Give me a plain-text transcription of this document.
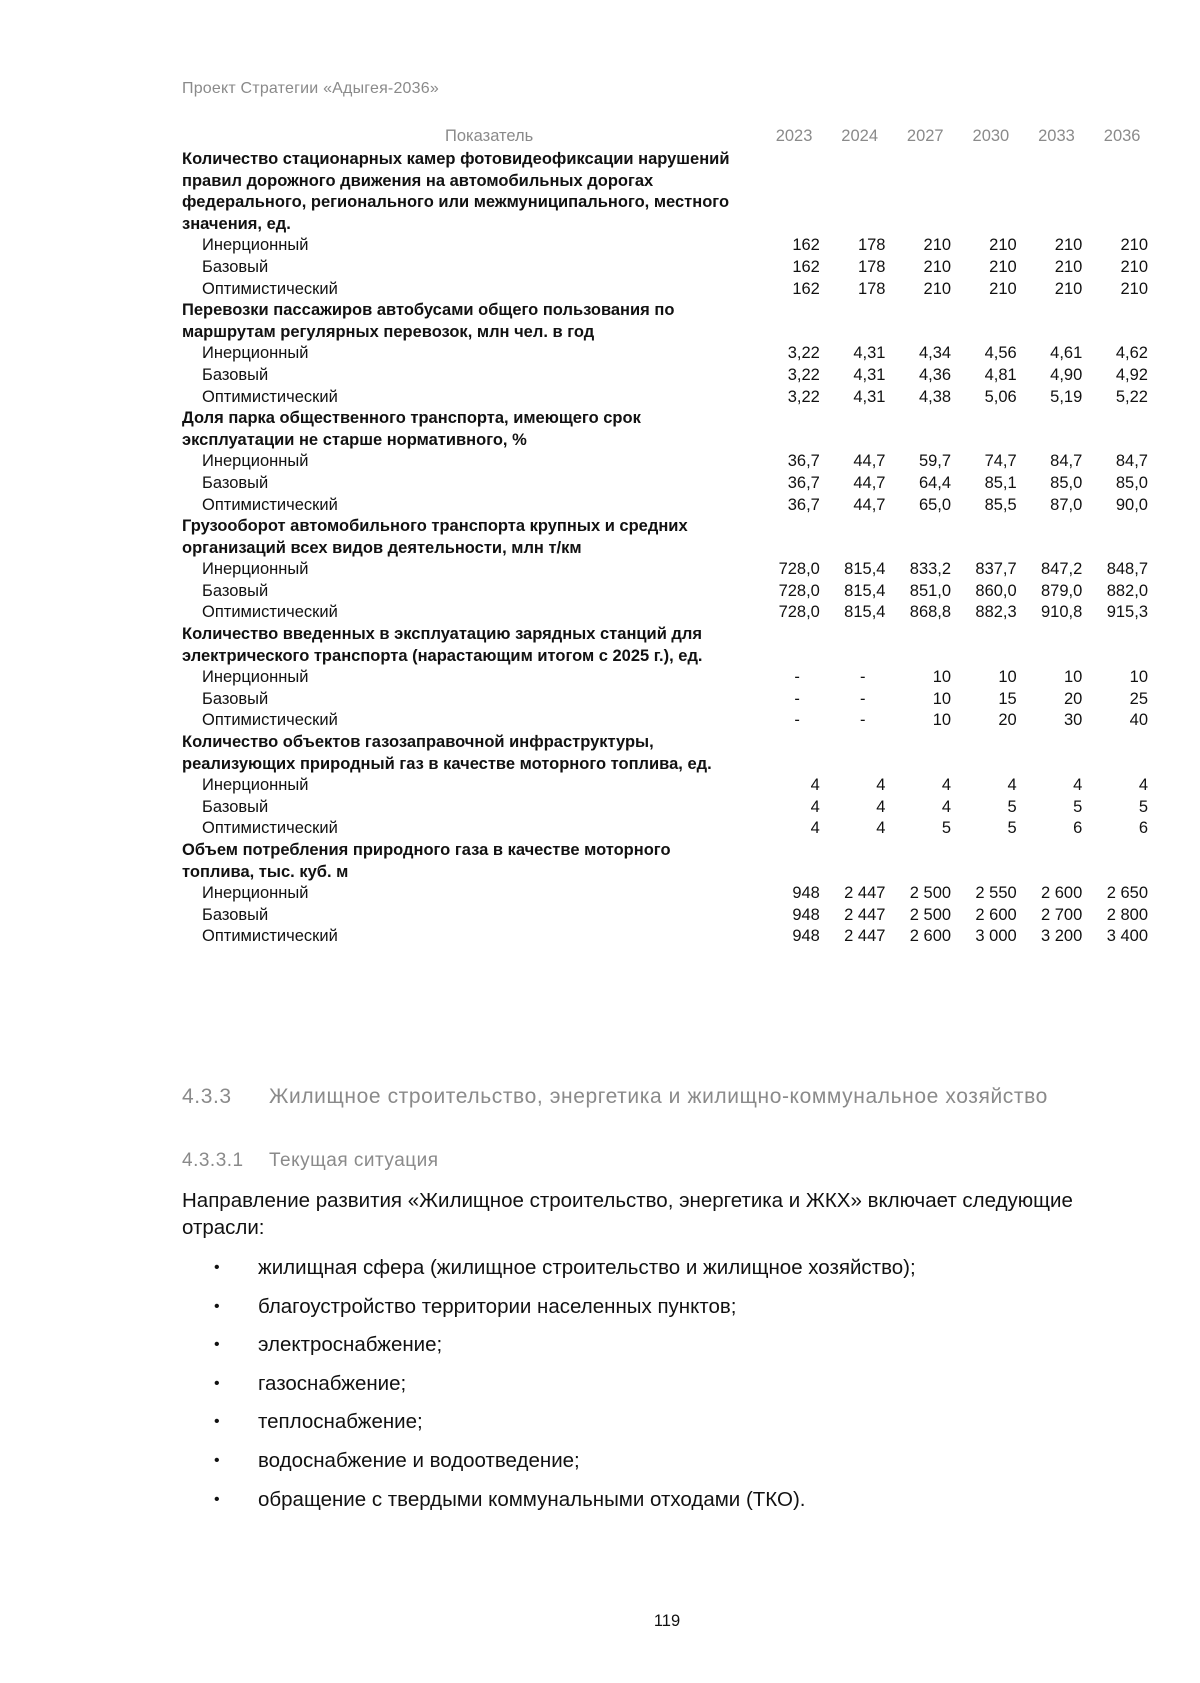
Проект Стратегии «Адыгея-2036»
Показатель	2023	2024	2027	2030	2033	2036
Количество стационарных камер фотовидеофиксации нарушений правил дорожного движения на автомобильных дорогах федерального, регионального или межмуниципального, местного значения, ед.						
Инерционный	162	178	210	210	210	210
Базовый	162	178	210	210	210	210
Оптимистический	162	178	210	210	210	210
Перевозки пассажиров автобусами общего пользования по маршрутам регулярных перевозок, млн чел. в год						
Инерционный	3,22	4,31	4,34	4,56	4,61	4,62
Базовый	3,22	4,31	4,36	4,81	4,90	4,92
Оптимистический	3,22	4,31	4,38	5,06	5,19	5,22
Доля парка общественного транспорта, имеющего срок эксплуатации не старше нормативного, %						
Инерционный	36,7	44,7	59,7	74,7	84,7	84,7
Базовый	36,7	44,7	64,4	85,1	85,0	85,0
Оптимистический	36,7	44,7	65,0	85,5	87,0	90,0
Грузооборот автомобильного транспорта крупных и средних организаций всех видов деятельности, млн т/км						
Инерционный	728,0	815,4	833,2	837,7	847,2	848,7
Базовый	728,0	815,4	851,0	860,0	879,0	882,0
Оптимистический	728,0	815,4	868,8	882,3	910,8	915,3
Количество введенных в эксплуатацию зарядных станций для электрического транспорта (нарастающим итогом с 2025 г.), ед.						
Инерционный	-	-	10	10	10	10
Базовый	-	-	10	15	20	25
Оптимистический	-	-	10	20	30	40
Количество объектов газозаправочной инфраструктуры, реализующих природный газ в качестве моторного топлива, ед.						
Инерционный	4	4	4	4	4	4
Базовый	4	4	4	5	5	5
Оптимистический	4	4	5	5	6	6
Объем потребления природного газа в качестве моторного топлива, тыс. куб. м						
Инерционный	948	2 447	2 500	2 550	2 600	2 650
Базовый	948	2 447	2 500	2 600	2 700	2 800
Оптимистический	948	2 447	2 600	3 000	3 200	3 400
4.3.3 Жилищное строительство, энергетика и жилищно-коммунальное хозяйство
4.3.3.1 Текущая ситуация
Направление развития «Жилищное строительство, энергетика и ЖКХ» включает следующие отрасли:
• жилищная сфера (жилищное строительство и жилищное хозяйство);
• благоустройство территории населенных пунктов;
• электроснабжение;
• газоснабжение;
• теплоснабжение;
• водоснабжение и водоотведение;
• обращение с твердыми коммунальными отходами (ТКО).
119
